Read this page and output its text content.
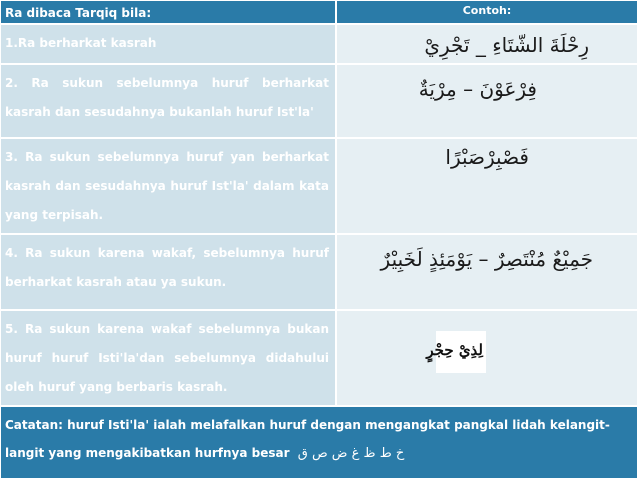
Ra dibaca Tarqiq bila:	Contoh:
1.Ra berharkat kasrah	رِحْلَةَ الشّتَاءِ _ تَجْرِيْ
2. Ra sukun sebelumnya huruf berharkat kasrah dan sesudahnya bukanlah huruf Ist'la'
فِرْعَوْنَ – مِرْيَةٌ
3. Ra sukun sebelumnya huruf yan berharkat kasrah dan sesudahnya huruf Ist'la' dalam kata yang terpisah.
فَصْبِرْصَبْرًا
4. Ra sukun karena wakaf, sebelumnya huruf berharkat kasrah atau ya sukun.
جَمِيْعٌ مُنْتَصِرٌ – يَوْمَئِذٍ لَخَبِيْرٌ
5. Ra sukun karena wakaf sebelumnya bukan huruf huruf Isti'la'dan sebelumnya didahului oleh huruf yang berbaris kasrah.
لِذِيْ حِجْرٍ
Catatan: huruf Isti'la' ialah melafalkan huruf dengan mengangkat pangkal lidah kelangit-langit yang mengakibatkan hurfnya besar خ ط ظ غ ض ص ق
